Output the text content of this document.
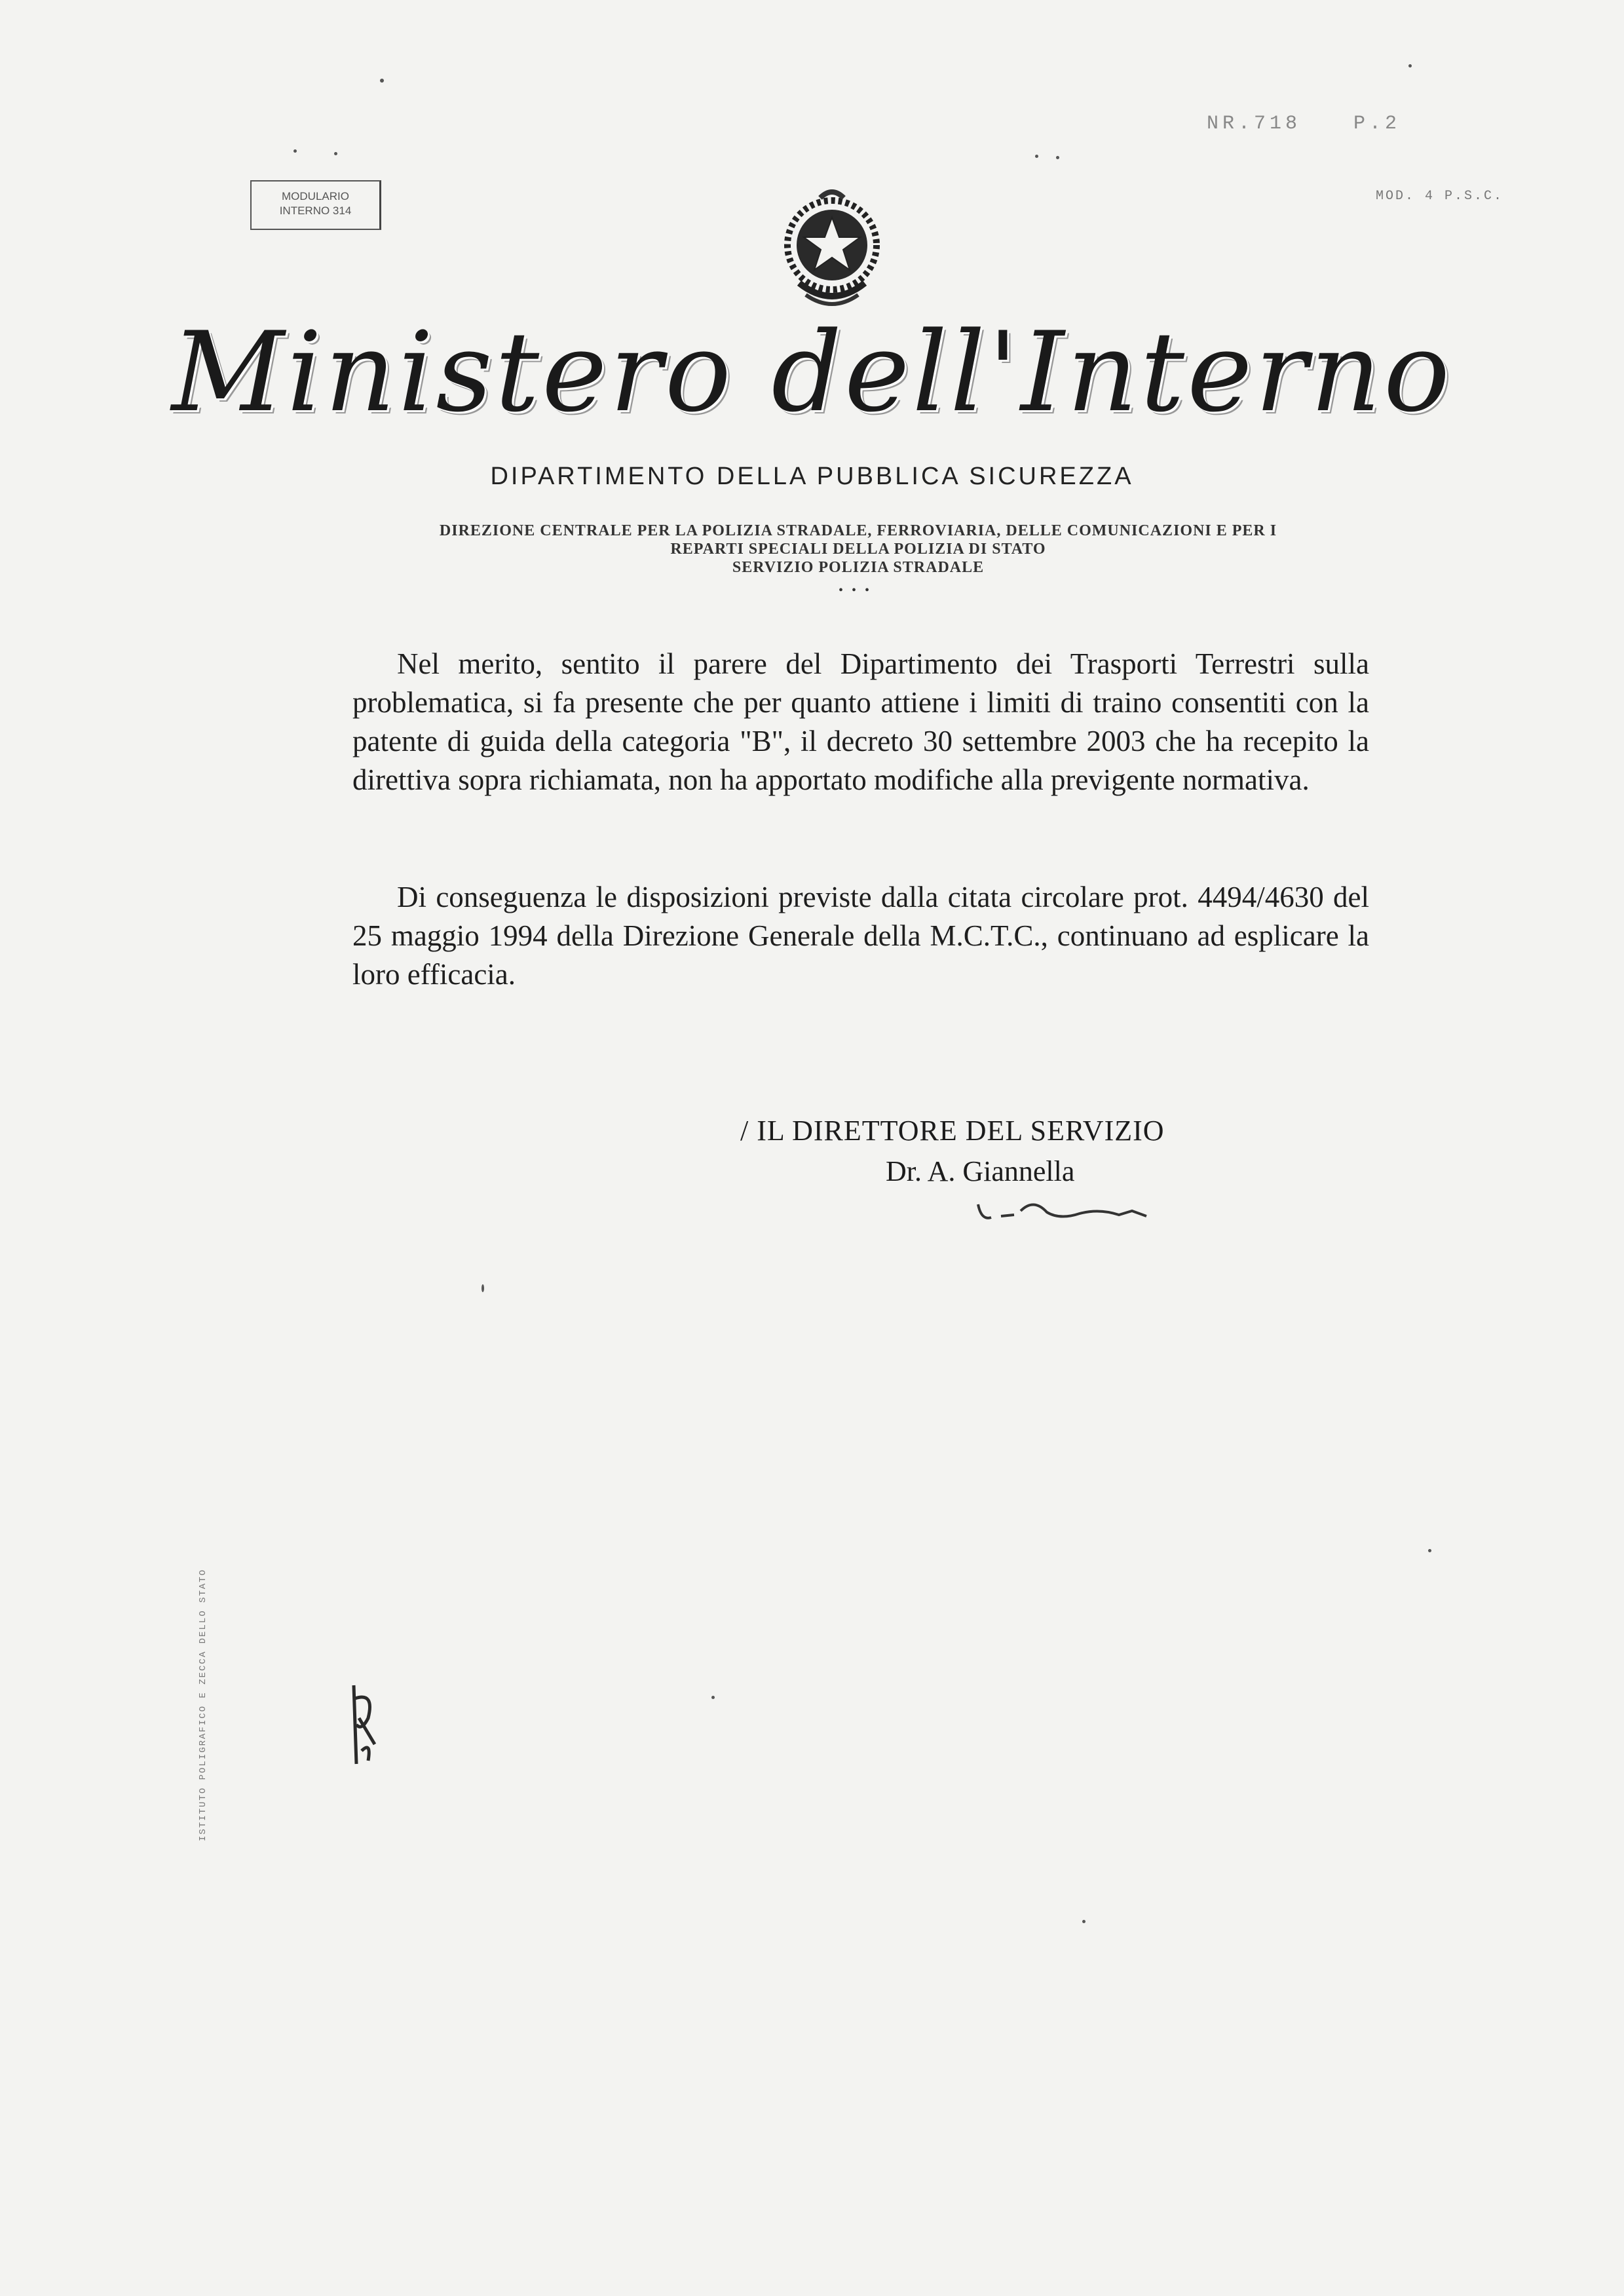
NR.718	P.2
MOD. 4 P.S.C.
MODULARIO
INTERNO 314
Ministero dell'Interno
DIPARTIMENTO DELLA PUBBLICA SICUREZZA
DIREZIONE CENTRALE PER LA POLIZIA STRADALE, FERROVIARIA, DELLE COMUNICAZIONI E PER I
REPARTI SPECIALI DELLA POLIZIA DI STATO
SERVIZIO POLIZIA STRADALE
• • •
Nel merito, sentito il parere del Dipartimento dei Trasporti Terrestri sulla problematica, si fa presente che per quanto attiene i limiti di traino consentiti con la patente di guida della categoria "B", il decreto 30 settembre 2003 che ha recepito la direttiva sopra richiamata, non ha apportato modifiche alla previgente normativa.
Di conseguenza le disposizioni previste dalla citata circolare prot. 4494/4630 del 25 maggio 1994 della Direzione Generale della M.C.T.C., continuano ad esplicare la loro efficacia.
/ IL DIRETTORE DEL SERVIZIO
Dr. A. Giannella
ISTITUTO POLIGRAFICO E ZECCA DELLO STATO
